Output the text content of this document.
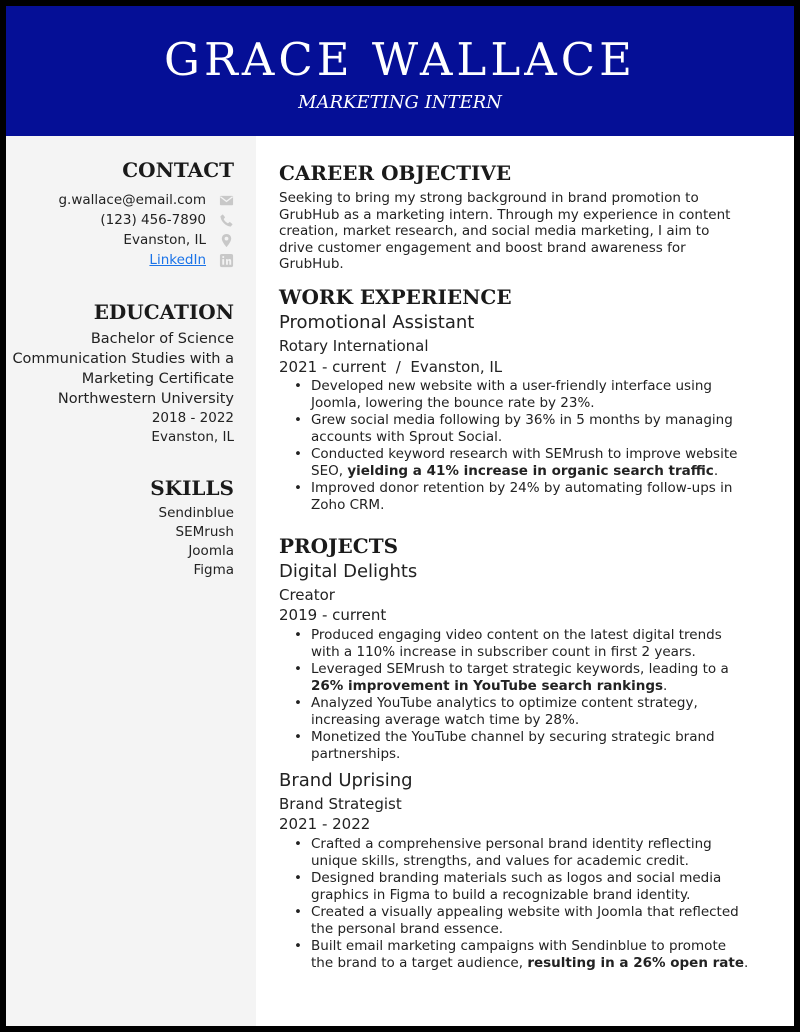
GRACE WALLACE
MARKETING INTERN
CONTACT
g.wallace@email.com
(123) 456-7890
Evanston, IL
LinkedIn
EDUCATION
Bachelor of Science
Communication Studies with a
Marketing Certificate
Northwestern University
2018 - 2022
Evanston, IL
SKILLS
Sendinblue
SEMrush
Joomla
Figma
CAREER OBJECTIVE
Seeking to bring my strong background in brand promotion to GrubHub as a marketing intern. Through my experience in content creation, market research, and social media marketing, I aim to drive customer engagement and boost brand awareness for GrubHub.
WORK EXPERIENCE
Promotional Assistant
Rotary International
2021 - current / Evanston, IL
• Developed new website with a user-friendly interface using Joomla, lowering the bounce rate by 23%.
• Grew social media following by 36% in 5 months by managing accounts with Sprout Social.
• Conducted keyword research with SEMrush to improve website SEO, yielding a 41% increase in organic search traffic.
• Improved donor retention by 24% by automating follow-ups in Zoho CRM.
PROJECTS
Digital Delights
Creator
2019 - current
• Produced engaging video content on the latest digital trends with a 110% increase in subscriber count in first 2 years.
• Leveraged SEMrush to target strategic keywords, leading to a 26% improvement in YouTube search rankings.
• Analyzed YouTube analytics to optimize content strategy, increasing average watch time by 28%.
• Monetized the YouTube channel by securing strategic brand partnerships.
Brand Uprising
Brand Strategist
2021 - 2022
• Crafted a comprehensive personal brand identity reflecting unique skills, strengths, and values for academic credit.
• Designed branding materials such as logos and social media graphics in Figma to build a recognizable brand identity.
• Created a visually appealing website with Joomla that reflected the personal brand essence.
• Built email marketing campaigns with Sendinblue to promote the brand to a target audience, resulting in a 26% open rate.
